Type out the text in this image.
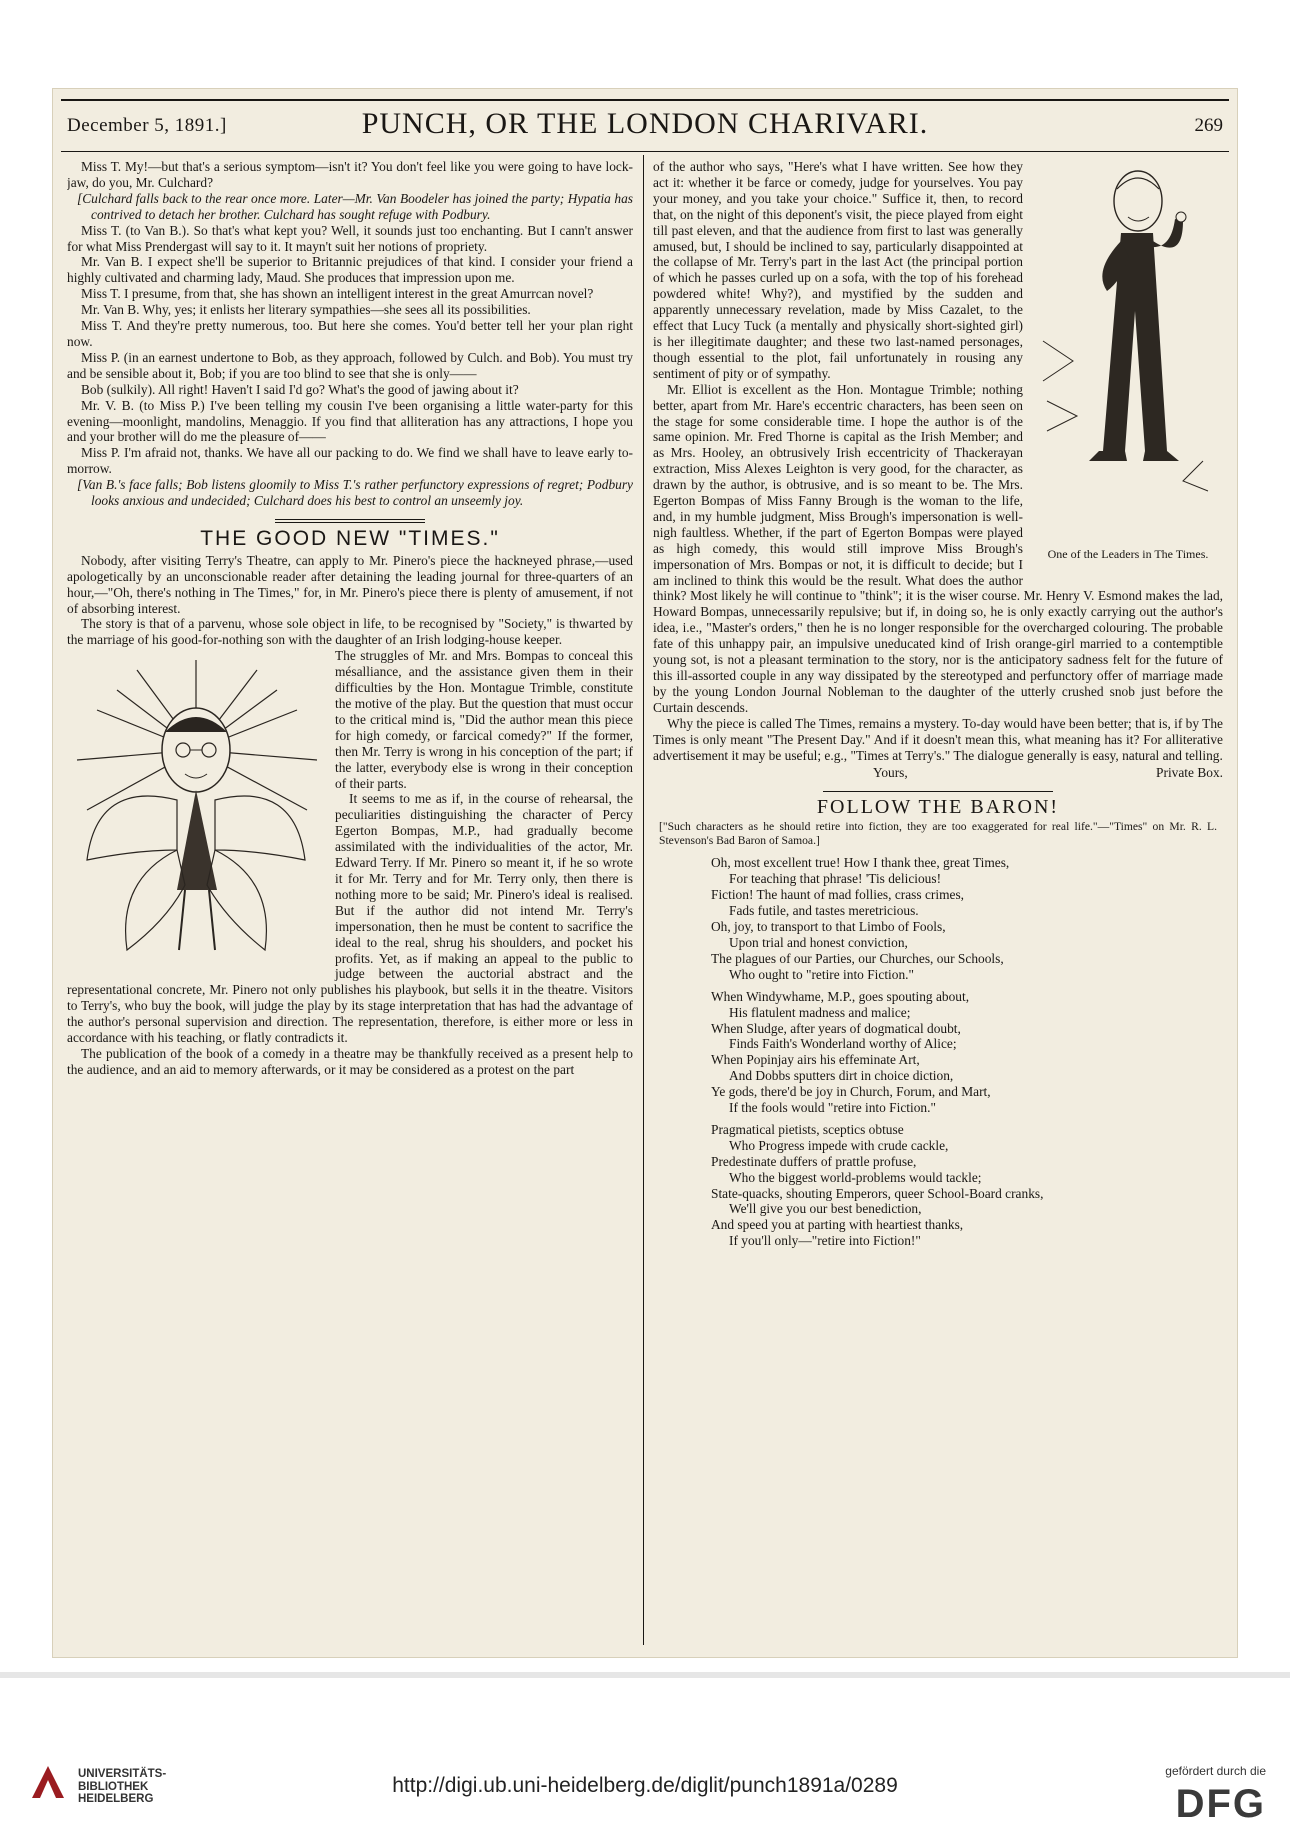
December 5, 1891.]	PUNCH, OR THE LONDON CHARIVARI.	269

Miss T. My!—but that's a serious symptom—isn't it? You don't feel like you were going to have lock-jaw, do you, Mr. Culchard?

[Culchard falls back to the rear once more. Later—Mr. Van Boodeler has joined the party; Hypatia has contrived to detach her brother. Culchard has sought refuge with Podbury.

Miss T. (to Van B.). So that's what kept you? Well, it sounds just too enchanting. But I cann't answer for what Miss Prendergast will say to it. It mayn't suit her notions of propriety.

Mr. Van B. I expect she'll be superior to Britannic prejudices of that kind. I consider your friend a highly cultivated and charming lady, Maud. She produces that impression upon me.

Miss T. I presume, from that, she has shown an intelligent interest in the great Amurrcan novel?

Mr. Van B. Why, yes; it enlists her literary sympathies—she sees all its possibilities.

Miss T. And they're pretty numerous, too. But here she comes. You'd better tell her your plan right now.

Miss P. (in an earnest undertone to Bob, as they approach, followed by Culch. and Bob). You must try and be sensible about it, Bob; if you are too blind to see that she is only——

Bob (sulkily). All right! Haven't I said I'd go? What's the good of jawing about it?

Mr. V. B. (to Miss P.) I've been telling my cousin I've been organising a little water-party for this evening—moonlight, mandolins, Menaggio. If you find that alliteration has any attractions, I hope you and your brother will do me the pleasure of——

Miss P. I'm afraid not, thanks. We have all our packing to do. We find we shall have to leave early to-morrow.

[Van B.'s face falls; Bob listens gloomily to Miss T.'s rather perfunctory expressions of regret; Podbury looks anxious and undecided; Culchard does his best to control an unseemly joy.

THE GOOD NEW "TIMES."

Nobody, after visiting Terry's Theatre, can apply to Mr. Pinero's piece the hackneyed phrase,—used apologetically by an unconscionable reader after detaining the leading journal for three-quarters of an hour,—"Oh, there's nothing in The Times," for, in Mr. Pinero's piece there is plenty of amusement, if not of absorbing interest.

The story is that of a parvenu, whose sole object in life, to be recognised by "Society," is thwarted by the marriage of his good-for-nothing son with the daughter of an Irish lodging-house keeper.

The struggles of Mr. and Mrs. Bompas to conceal this mésalliance, and the assistance given them in their difficulties by the Hon. Montague Trimble, constitute the motive of the play. But the question that must occur to the critical mind is, "Did the author mean this piece for high comedy, or farcical comedy?" If the former, then Mr. Terry is wrong in his conception of the part; if the latter, everybody else is wrong in their conception of their parts.

It seems to me as if, in the course of rehearsal, the peculiarities distinguishing the character of Percy Egerton Bompas, M.P., had gradually become assimilated with the individualities of the actor, Mr. Edward Terry. If Mr. Pinero so meant it, if he so wrote it for Mr. Terry and for Mr. Terry only, then there is nothing more to be said; Mr. Pinero's ideal is realised. But if the author did not intend Mr. Terry's impersonation, then he must be content to sacrifice the ideal to the real, shrug his shoulders, and pocket his profits. Yet, as if making an appeal to the public to judge between the auctorial abstract and the representational concrete, Mr. Pinero not only publishes his playbook, but sells it in the theatre. Visitors to Terry's, who buy the book, will judge the play by its stage interpretation that has had the advantage of the author's personal supervision and direction. The representation, therefore, is either more or less in accordance with his teaching, or flatly contradicts it.

The publication of the book of a comedy in a theatre may be thankfully received as a present help to the audience, and an aid to memory afterwards, or it may be considered as a protest on the part

One of the Leaders in The Times.

of the author who says, "Here's what I have written. See how they act it: whether it be farce or comedy, judge for yourselves. You pay your money, and you take your choice." Suffice it, then, to record that, on the night of this deponent's visit, the piece played from eight till past eleven, and that the audience from first to last was generally amused, but, I should be inclined to say, particularly disappointed at the collapse of Mr. Terry's part in the last Act (the principal portion of which he passes curled up on a sofa, with the top of his forehead powdered white! Why?), and mystified by the sudden and apparently unnecessary revelation, made by Miss Cazalet, to the effect that Lucy Tuck (a mentally and physically short-sighted girl) is her illegitimate daughter; and these two last-named personages, though essential to the plot, fail unfortunately in rousing any sentiment of pity or of sympathy.

Mr. Elliot is excellent as the Hon. Montague Trimble; nothing better, apart from Mr. Hare's eccentric characters, has been seen on the stage for some considerable time. I hope the author is of the same opinion. Mr. Fred Thorne is capital as the Irish Member; and as Mrs. Hooley, an obtrusively Irish eccentricity of Thackerayan extraction, Miss Alexes Leighton is very good, for the character, as drawn by the author, is obtrusive, and is so meant to be. The Mrs. Egerton Bompas of Miss Fanny Brough is the woman to the life, and, in my humble judgment, Miss Brough's impersonation is well-nigh faultless. Whether, if the part of Egerton Bompas were played as high comedy, this would still improve Miss Brough's impersonation of Mrs. Bompas or not, it is difficult to decide; but I am inclined to think this would be the result. What does the author think? Most likely he will continue to "think"; it is the wiser course. Mr. Henry V. Esmond makes the lad, Howard Bompas, unnecessarily repulsive; but if, in doing so, he is only exactly carrying out the author's idea, i.e., "Master's orders," then he is no longer responsible for the overcharged colouring. The probable fate of this unhappy pair, an impulsive uneducated kind of Irish orange-girl married to a contemptible young sot, is not a pleasant termination to the story, nor is the anticipatory sadness felt for the future of this ill-assorted couple in any way dissipated by the stereotyped and perfunctory offer of marriage made by the young London Journal Nobleman to the daughter of the utterly crushed snob just before the Curtain descends.

Why the piece is called The Times, remains a mystery. To-day would have been better; that is, if by The Times is only meant "The Present Day." And if it doesn't mean this, what meaning has it? For alliterative advertisement it may be useful; e.g., "Times at Terry's." The dialogue generally is easy, natural and telling.

Yours,	Private Box.
FOLLOW THE BARON!
["Such characters as he should retire into fiction, they are too exaggerated for real life."—"Times" on Mr. R. L. Stevenson's Bad Baron of Samoa.]
Oh, most excellent true! How I thank thee, great Times,
For teaching that phrase! 'Tis delicious!
Fiction! The haunt of mad follies, crass crimes,
Fads futile, and tastes meretricious.
Oh, joy, to transport to that Limbo of Fools,
Upon trial and honest conviction,
The plagues of our Parties, our Churches, our Schools,
Who ought to "retire into Fiction."
When Windywhame, M.P., goes spouting about,
His flatulent madness and malice;
When Sludge, after years of dogmatical doubt,
Finds Faith's Wonderland worthy of Alice;
When Popinjay airs his effeminate Art,
And Dobbs sputters dirt in choice diction,
Ye gods, there'd be joy in Church, Forum, and Mart,
If the fools would "retire into Fiction."
Pragmatical pietists, sceptics obtuse
Who Progress impede with crude cackle,
Predestinate duffers of prattle profuse,
Who the biggest world-problems would tackle;
State-quacks, shouting Emperors, queer School-Board cranks,
We'll give you our best benediction,
And speed you at parting with heartiest thanks,
If you'll only—"retire into Fiction!"
UNIVERSITÄTS-
BIBLIOTHEK
HEIDELBERG
http://digi.ub.uni-heidelberg.de/diglit/punch1891a/0289
gefördert durch die
DFG
